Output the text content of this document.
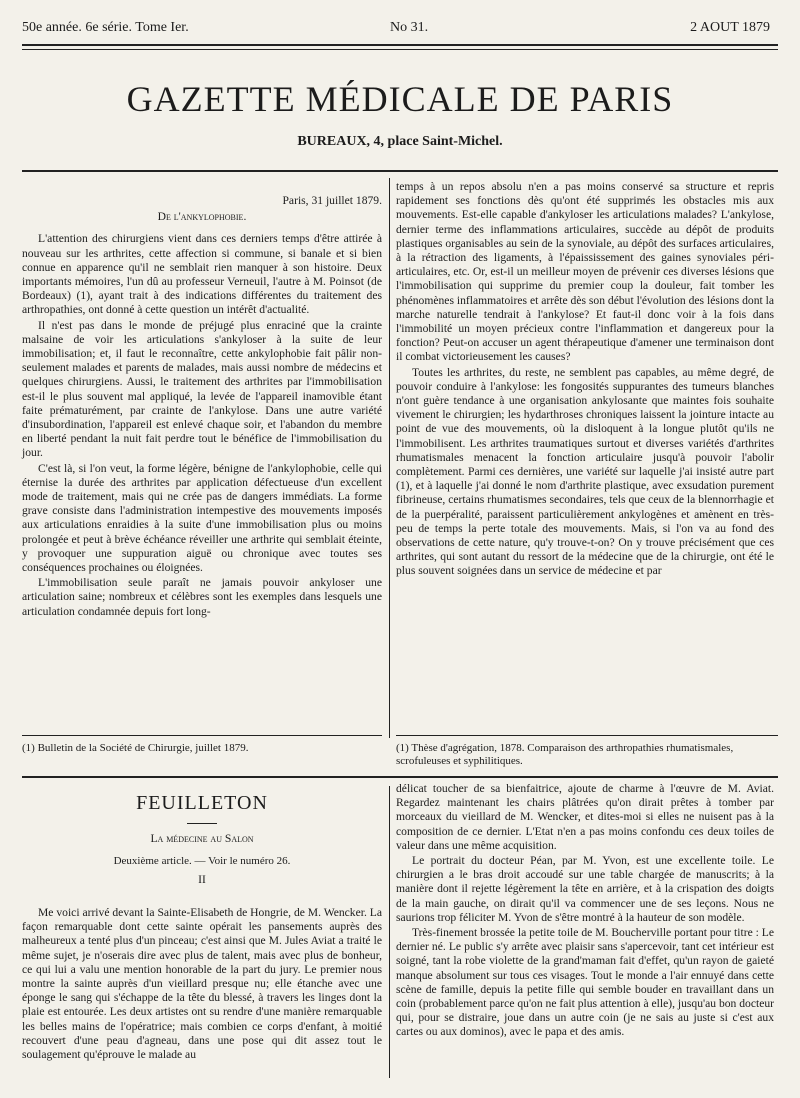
50e année. 6e série. Tome Ier.	No 31.	2 AOUT 1879
GAZETTE MÉDICALE DE PARIS
BUREAUX, 4, place Saint-Michel.
Paris, 31 juillet 1879.
De l'ankylophobie.

L'attention des chirurgiens vient dans ces derniers temps d'être attirée à nouveau sur les arthrites, cette affection si commune, si banale et si bien connue en apparence qu'il ne semblait rien manquer à son histoire. Deux importants mémoires, l'un dû au professeur Verneuil, l'autre à M. Poinsot (de Bordeaux) (1), ayant trait à des indications différentes du traitement des arthropathies, ont donné à cette question un intérêt d'actualité.

Il n'est pas dans le monde de préjugé plus enraciné que la crainte malsaine de voir les articulations s'ankyloser à la suite de leur immobilisation; et, il faut le reconnaître, cette ankylophobie fait pâlir non-seulement malades et parents de malades, mais aussi nombre de médecins et quelques chirurgiens. Aussi, le traitement des arthrites par l'immobilisation est-il le plus souvent mal appliqué, la levée de l'appareil inamovible étant faite prématurément, par crainte de l'ankylose. Dans une autre variété d'insubordination, l'appareil est enlevé chaque soir, et l'abandon du membre en liberté pendant la nuit fait perdre tout le bénéfice de l'immobilisation du jour.

C'est là, si l'on veut, la forme légère, bénigne de l'ankylophobie, celle qui éternise la durée des arthrites par application défectueuse d'un excellent mode de traitement, mais qui ne crée pas de dangers immédiats. La forme grave consiste dans l'administration intempestive des mouvements imposés aux articulations enraidies à la suite d'une immobilisation plus ou moins prolongée et peut à brève échéance réveiller une arthrite qui semblait éteinte, y provoquer une suppuration aiguë ou chronique avec toutes ses conséquences prochaines ou éloignées.

L'immobilisation seule paraît ne jamais pouvoir ankyloser une articulation saine; nombreux et célèbres sont les exemples dans lesquels une articulation condamnée depuis fort long-

temps à un repos absolu n'en a pas moins conservé sa structure et repris rapidement ses fonctions dès qu'ont été supprimés les obstacles mis aux mouvements. Est-elle capable d'ankyloser les articulations malades? L'ankylose, dernier terme des inflammations articulaires, succède au dépôt de produits plastiques organisables au sein de la synoviale, au dépôt des surfaces articulaires, à la rétraction des ligaments, à l'épaississement des gaines synoviales péri-articulaires, etc. Or, est-il un meilleur moyen de prévenir ces diverses lésions que l'immobilisation qui supprime du premier coup la douleur, fait tomber les phénomènes inflammatoires et arrête dès son début l'évolution des lésions dont la marche naturelle tendrait à l'ankylose? Et faut-il donc voir à la fois dans l'immobilité un moyen précieux contre l'inflammation et dangereux pour la fonction? Peut-on accuser un agent thérapeutique d'amener une terminaison dont il combat victorieusement les causes?

Toutes les arthrites, du reste, ne semblent pas capables, au même degré, de pouvoir conduire à l'ankylose: les fongosités suppurantes des tumeurs blanches n'ont guère tendance à une organisation ankylosante que maintes fois souhaite vivement le chirurgien; les hydarthroses chroniques laissent la jointure intacte au point de vue des mouvements, où la disloquent à la longue plutôt qu'ils ne l'immobilisent. Les arthrites traumatiques surtout et diverses variétés d'arthrites rhumatismales menacent la fonction articulaire jusqu'à pouvoir l'abolir complètement. Parmi ces dernières, une variété sur laquelle j'ai insisté autre part (1), et à laquelle j'ai donné le nom d'arthrite plastique, avec exsudation purement fibrineuse, certains rhumatismes secondaires, tels que ceux de la blennorrhagie et de la puerpéralité, paraissent particulièrement ankylogènes et amènent en très-peu de temps la perte totale des mouvements. Mais, si l'on va au fond des observations de cette nature, qu'y trouve-t-on? On y trouve précisément que ces arthrites, qui sont autant du ressort de la médecine que de la chirurgie, ont été le plus souvent soignées dans un service de médecine et par

(1) Bulletin de la Société de Chirurgie, juillet 1879.	(1) Thèse d'agrégation, 1878. Comparaison des arthropathies rhumatismales, scrofuleuses et syphilitiques.
FEUILLETON
La médecine au Salon
Deuxième article. — Voir le numéro 26.
II

Me voici arrivé devant la Sainte-Elisabeth de Hongrie, de M. Wencker. La façon remarquable dont cette sainte opérait les pansements auprès des malheureux a tenté plus d'un pinceau; c'est ainsi que M. Jules Aviat a traité le même sujet, je n'oserais dire avec plus de talent, mais avec plus de bonheur, ce qui lui a valu une mention honorable de la part du jury. Le premier nous montre la sainte auprès d'un vieillard presque nu; elle étanche avec une éponge le sang qui s'échappe de la tête du blessé, à travers les linges dont la plaie est entourée. Les deux artistes ont su rendre d'une manière remarquable les belles mains de l'opératrice; mais combien ce corps d'enfant, à moitié recouvert d'une peau d'agneau, dans une pose qui dit assez tout le soulagement qu'éprouve le malade au

délicat toucher de sa bienfaitrice, ajoute de charme à l'œuvre de M. Aviat. Regardez maintenant les chairs plâtrées qu'on dirait prêtes à tomber par morceaux du vieillard de M. Wencker, et dites-moi si elles ne nuisent pas à la composition de ce dernier. L'Etat n'en a pas moins confondu ces deux toiles de valeur dans une même acquisition.

Le portrait du docteur Péan, par M. Yvon, est une excellente toile. Le chirurgien a le bras droit accoudé sur une table chargée de manuscrits; à la manière dont il rejette légèrement la tête en arrière, et à la crispation des doigts de la main gauche, on dirait qu'il va commencer une de ses leçons. Nous ne saurions trop féliciter M. Yvon de s'être montré à la hauteur de son modèle.

Très-finement brossée la petite toile de M. Boucherville portant pour titre : Le dernier né. Le public s'y arrête avec plaisir sans s'apercevoir, tant cet intérieur est soigné, tant la robe violette de la grand'maman fait d'effet, qu'un rayon de gaieté manque absolument sur tous ces visages. Tout le monde a l'air ennuyé dans cette scène de famille, depuis la petite fille qui semble bouder en travaillant dans un coin (probablement parce qu'on ne fait plus attention à elle), jusqu'au bon docteur qui, pour se distraire, joue dans un autre coin (je ne sais au juste si c'est aux cartes ou aux dominos), avec le papa et des amis.
